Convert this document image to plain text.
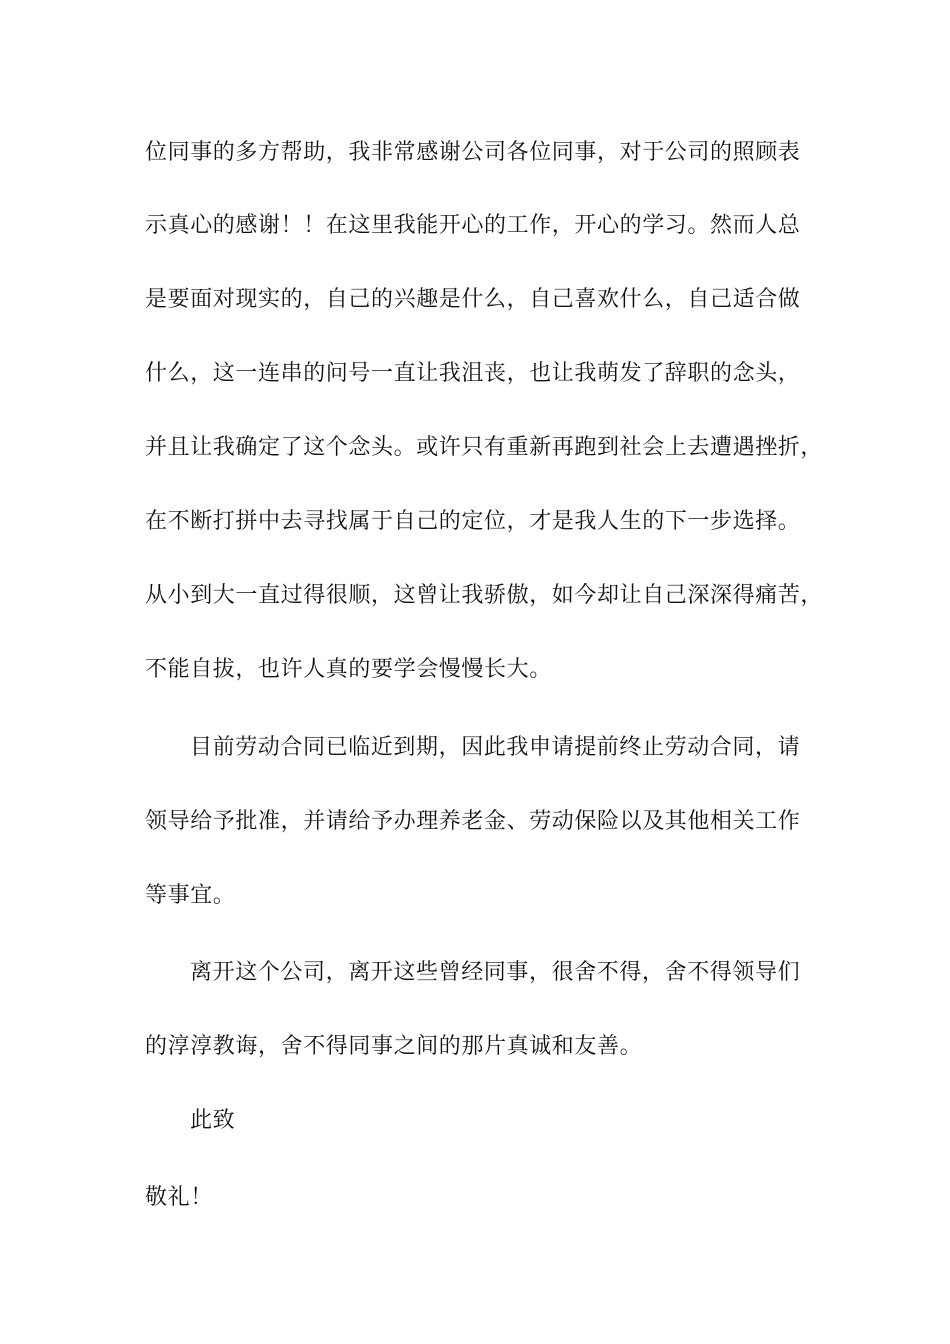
位同事的多方帮助，我非常感谢公司各位同事，对于公司的照顾表

示真心的感谢！！在这里我能开心的工作，开心的学习。然而人总

是要面对现实的，自己的兴趣是什么，自己喜欢什么，自己适合做

什么，这一连串的问号一直让我沮丧，也让我萌发了辞职的念头，

并且让我确定了这个念头。或许只有重新再跑到社会上去遭遇挫折，

在不断打拼中去寻找属于自己的定位，才是我人生的下一步选择。

从小到大一直过得很顺，这曾让我骄傲，如今却让自己深深得痛苦，

不能自拔，也许人真的要学会慢慢长大。

目前劳动合同已临近到期，因此我申请提前终止劳动合同，请

领导给予批准，并请给予办理养老金、劳动保险以及其他相关工作

等事宜。

离开这个公司，离开这些曾经同事，很舍不得，舍不得领导们

的淳淳教诲，舍不得同事之间的那片真诚和友善。

此致

敬礼！
